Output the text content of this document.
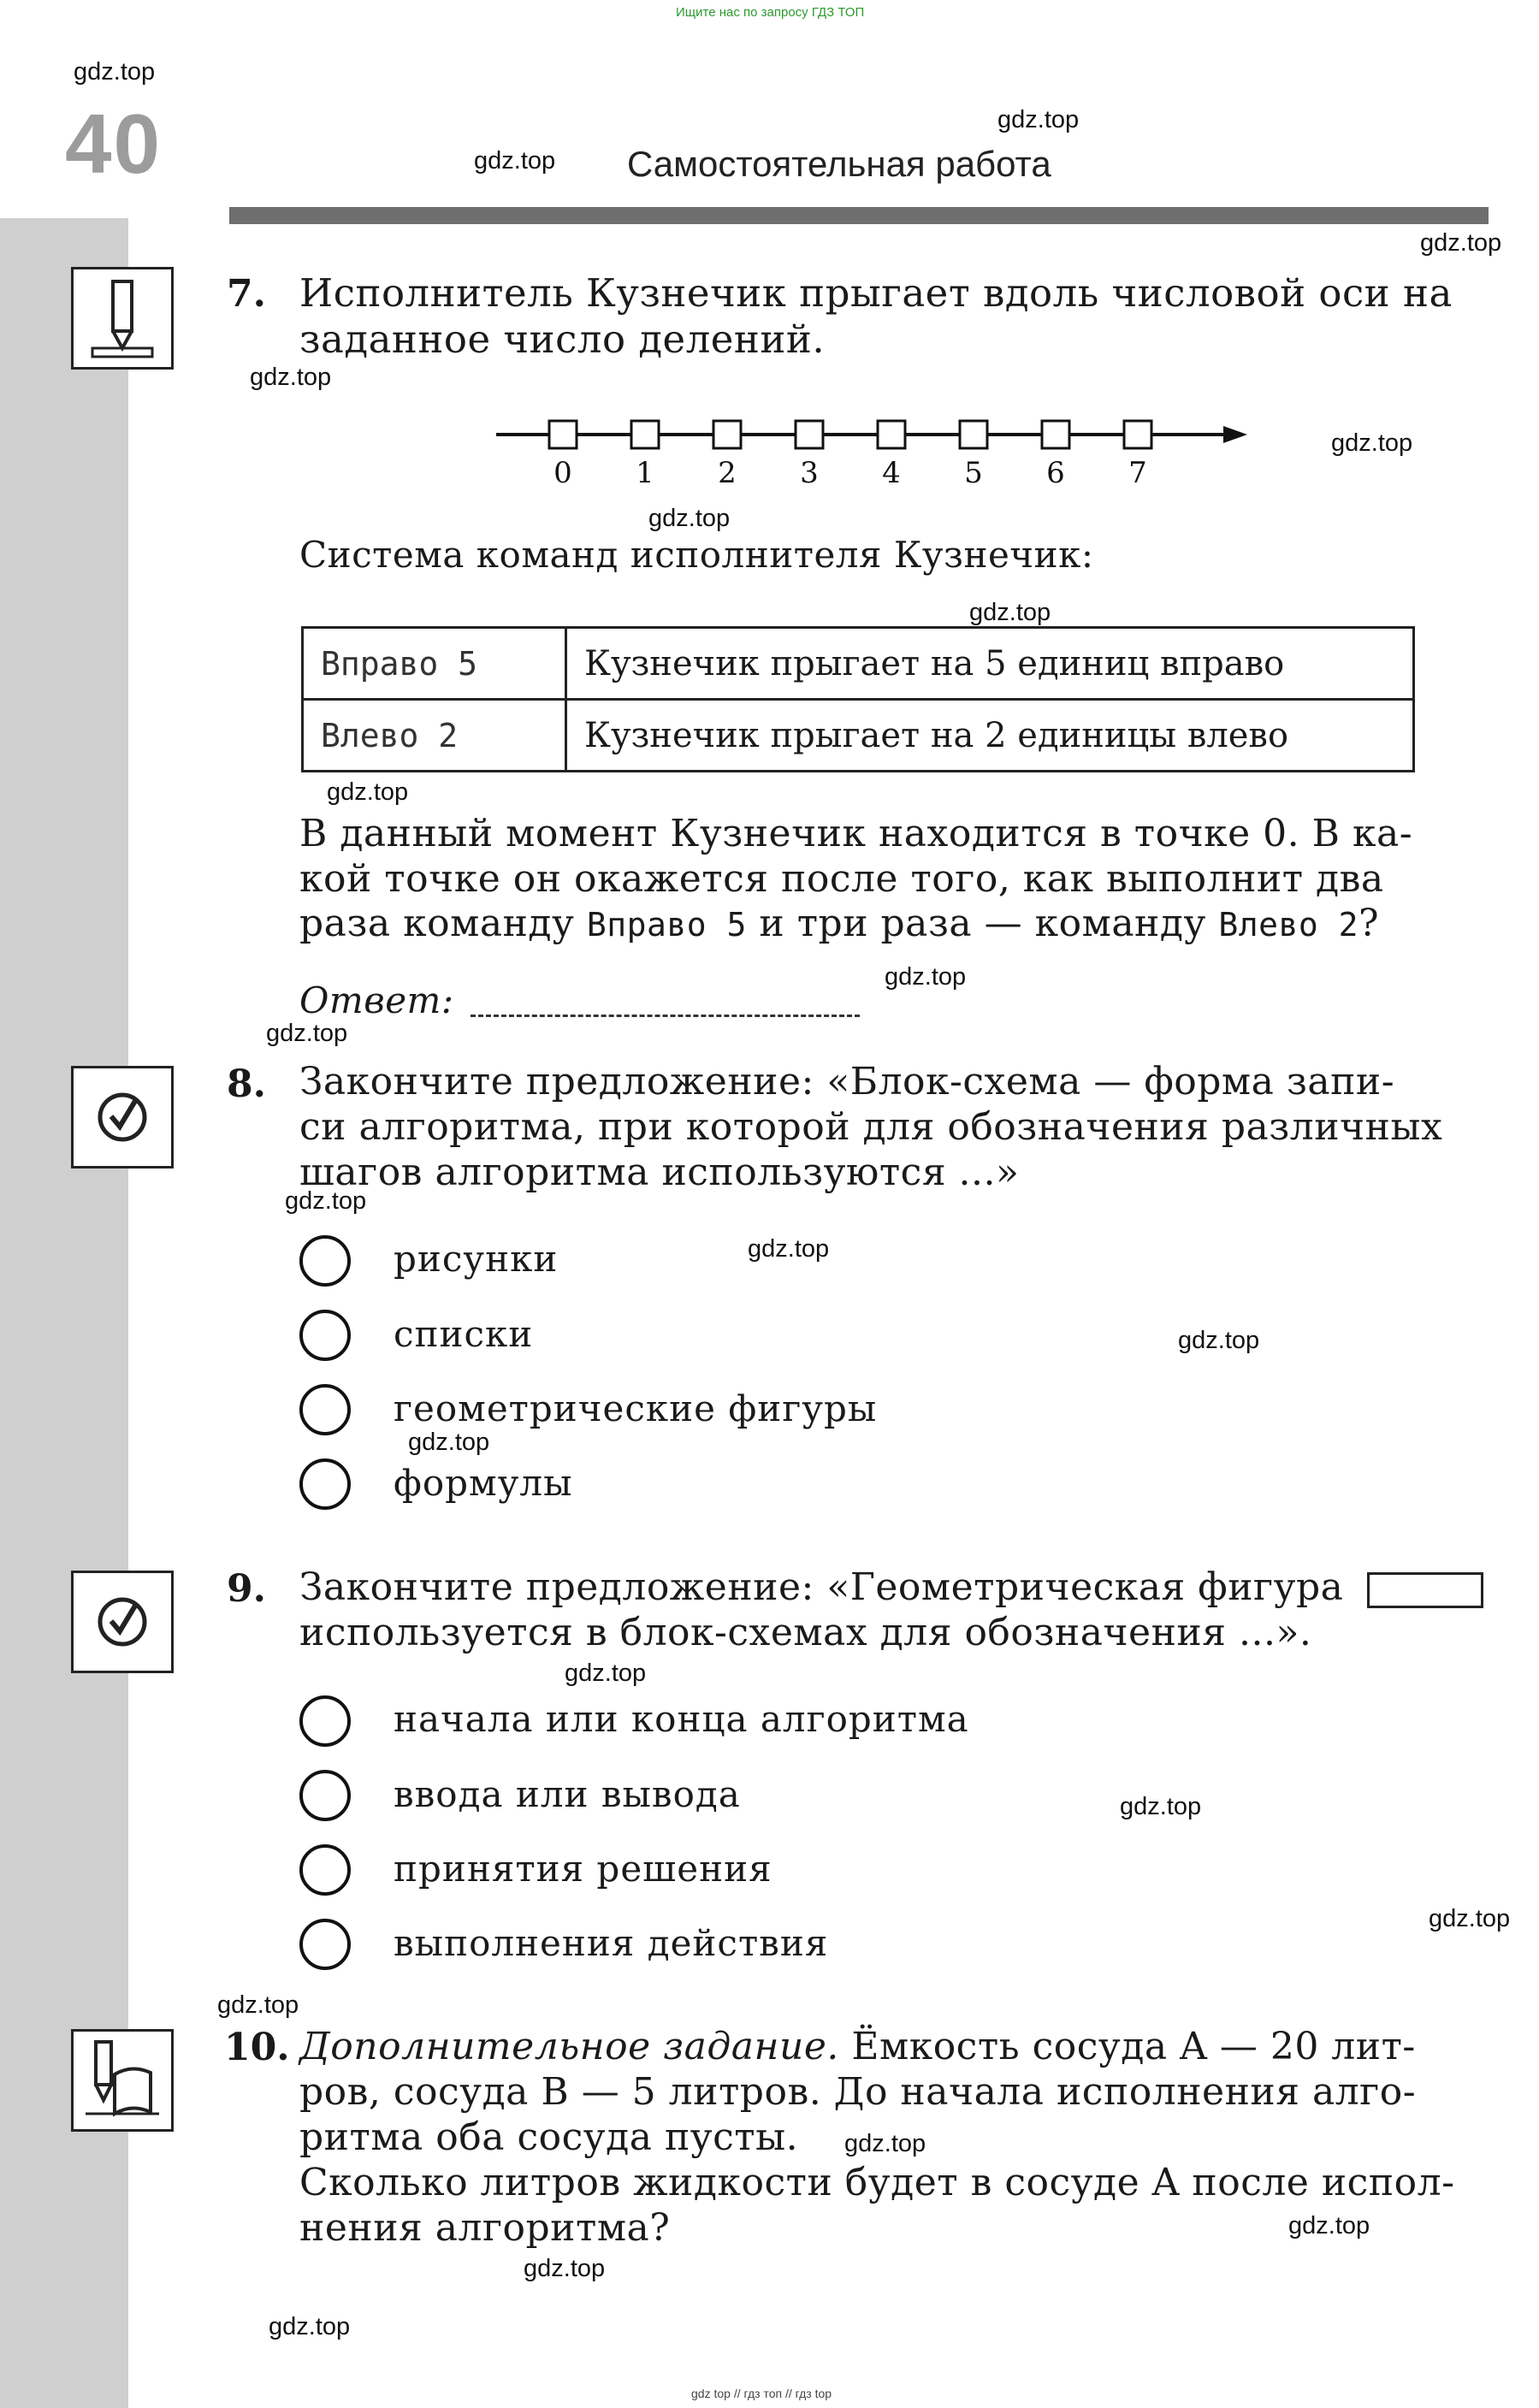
Ищите нас по запросу ГДЗ ТОП
40	Самостоятельная работа
7. Исполнитель Кузнечик прыгает вдоль числовой оси на
заданное число делений.
0 1 2 3 4 5 6 7
Система команд исполнителя Кузнечик:
Вправо 5	Кузнечик прыгает на 5 единиц вправо
Влево 2	Кузнечик прыгает на 2 единицы влево
В данный момент Кузнечик находится в точке 0. В ка-
кой точке он окажется после того, как выполнит два
раза команду Вправо 5 и три раза — команду Влево 2?
Ответ:
8. Закончите предложение: «Блок-схема — форма запи-
си алгоритма, при которой для обозначения различных
шагов алгоритма используются ...»
рисунки
списки
геометрические фигуры
формулы
9. Закончите предложение: «Геометрическая фигура
используется в блок-схемах для обозначения ...».
начала или конца алгоритма
ввода или вывода
принятия решения
выполнения действия
10. Дополнительное задание. Ёмкость сосуда A — 20 лит-
ров, сосуда B — 5 литров. До начала исполнения алго-
ритма оба сосуда пусты.
Сколько литров жидкости будет в сосуде A после испол-
нения алгоритма?
gdz.top
gdz.top
gdz.top
gdz.top
gdz.top
gdz.top
gdz.top
gdz.top
gdz.top
gdz.top
gdz.top
gdz.top
gdz.top
gdz.top
gdz.top
gdz.top
gdz.top
gdz.top
gdz.top
gdz.top
gdz.top
gdz.top
gdz.top
gdz top // гдз топ // гдз top
